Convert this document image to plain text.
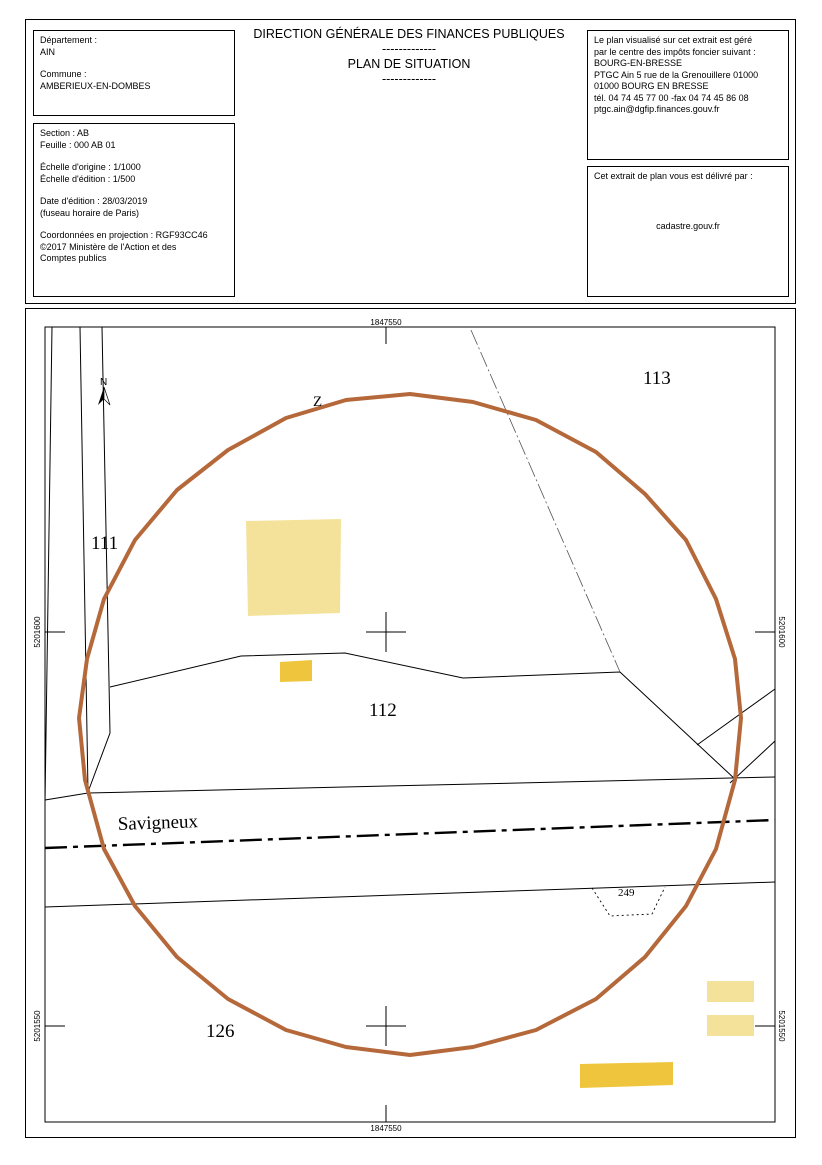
Département :
AIN
Commune :
AMBERIEUX-EN-DOMBES
Section : AB
Feuille : 000 AB 01
Échelle d'origine : 1/1000
Échelle d'édition : 1/500
Date d'édition : 28/03/2019
(fuseau horaire de Paris)
Coordonnées en projection : RGF93CC46
©2017 Ministère de l'Action et des
Comptes publics
DIRECTION GÉNÉRALE DES FINANCES PUBLIQUES
-------------
PLAN DE SITUATION
-------------
Le plan visualisé sur cet extrait est géré
par le centre des impôts foncier suivant :
BOURG-EN-BRESSE
PTGC Ain 5 rue de la Grenouillere 01000
01000 BOURG EN BRESSE
tél. 04 74 45 77 00 -fax 04 74 45 86 08
ptgc.ain@dgfip.finances.gouv.fr
Cet extrait de plan vous est délivré par :
cadastre.gouv.fr
N
1847550
1847550
5201600
5201550
5201600
5201550
113
111
112
126
249
Z
Savigneux
